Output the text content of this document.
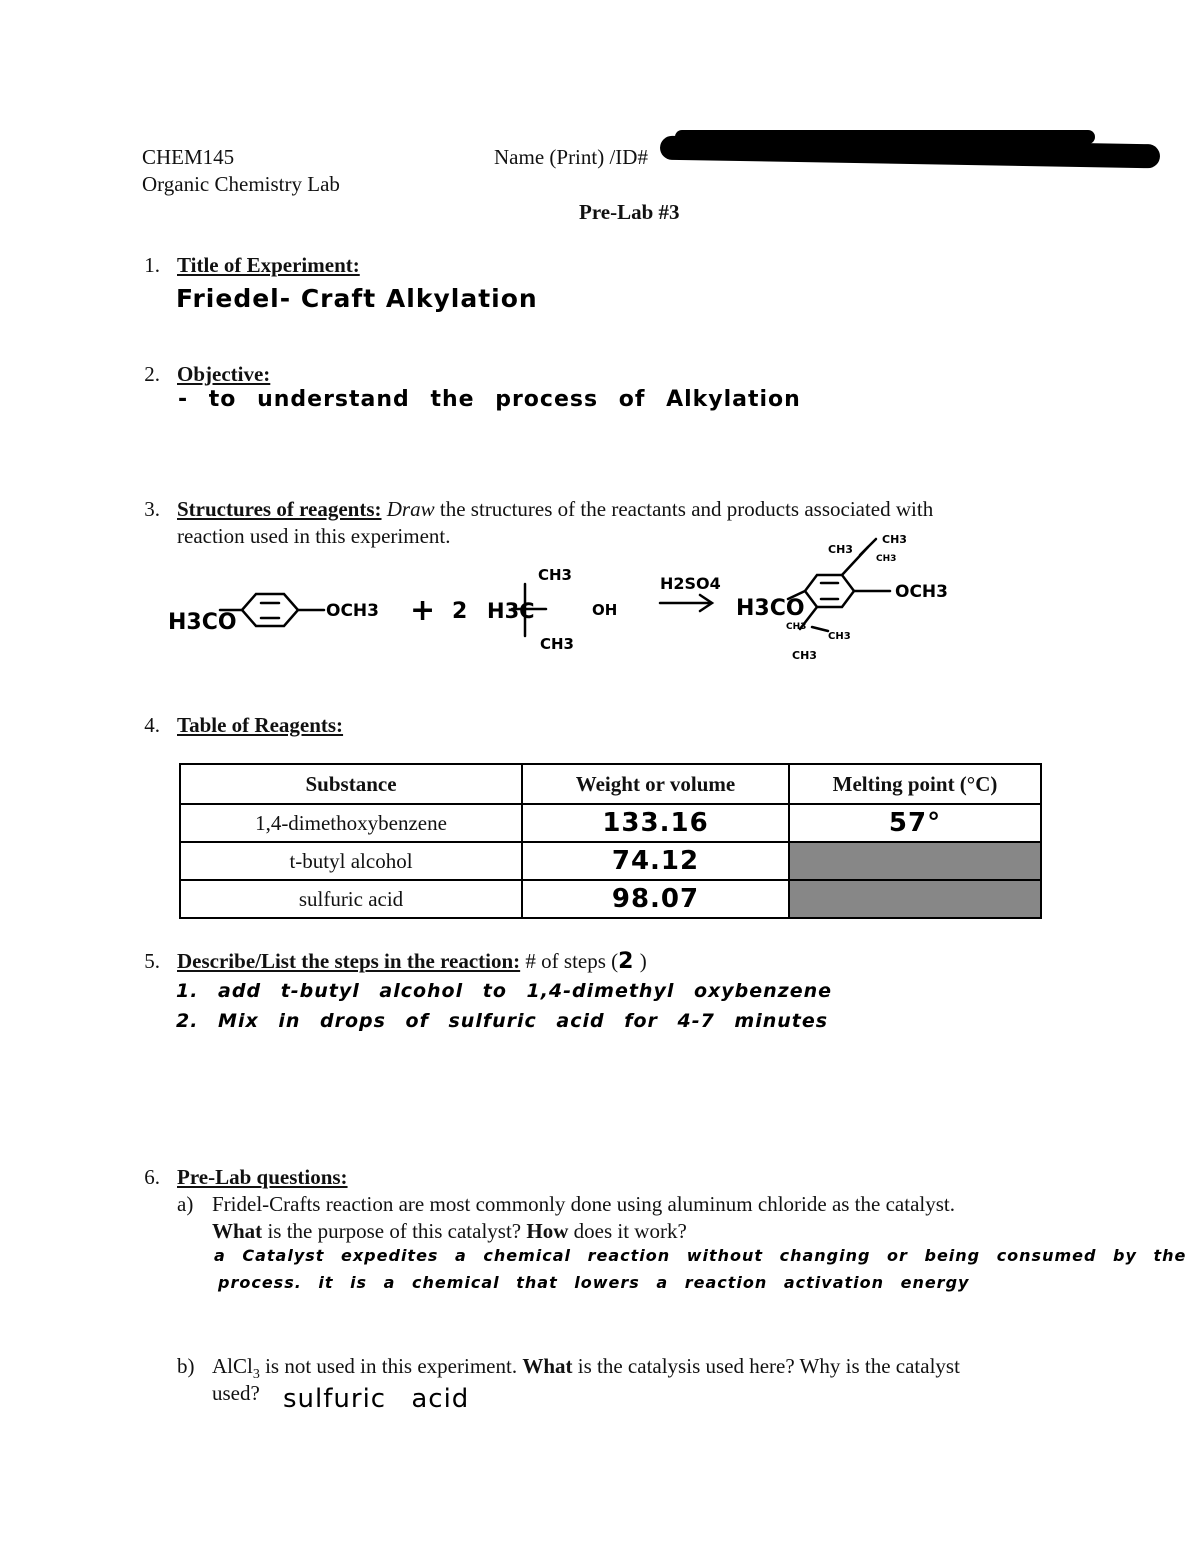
CHEM145
Organic Chemistry Lab
Name (Print) /ID#
Pre-Lab #3
1. Title of Experiment:
Friedel- Craft Alkylation
2. Objective:
- to understand the process of Alkylation
3. Structures of reagents: Draw the structures of the reactants and products associated with
reaction used in this experiment.
H3CO	OCH3 + 2 H3C
CH3
CH3
OH
H2SO4
H3CO
OCH3
CH3
CH3
CH3
CH3
CH3
CH3
4. Table of Reagents:
Substance	Weight or volume	Melting point (°C)
1,4-dimethoxybenzene	133.16	57°
t-butyl alcohol	74.12	
sulfuric acid	98.07	
5. Describe/List the steps in the reaction: # of steps (2 )
1. add t-butyl alcohol to 1,4-dimethyl oxybenzene
2. Mix in drops of sulfuric acid for 4-7 minutes
6. Pre-Lab questions:
a) Fridel-Crafts reaction are most commonly done using aluminum chloride as the catalyst.
What is the purpose of this catalyst? How does it work?
a Catalyst expedites a chemical reaction without changing or being consumed by the
process. it is a chemical that lowers a reaction activation energy
b) AlCl$_3$ is not used in this experiment. What is the catalysis used here? Why is the catalyst
used? sulfuric acid
